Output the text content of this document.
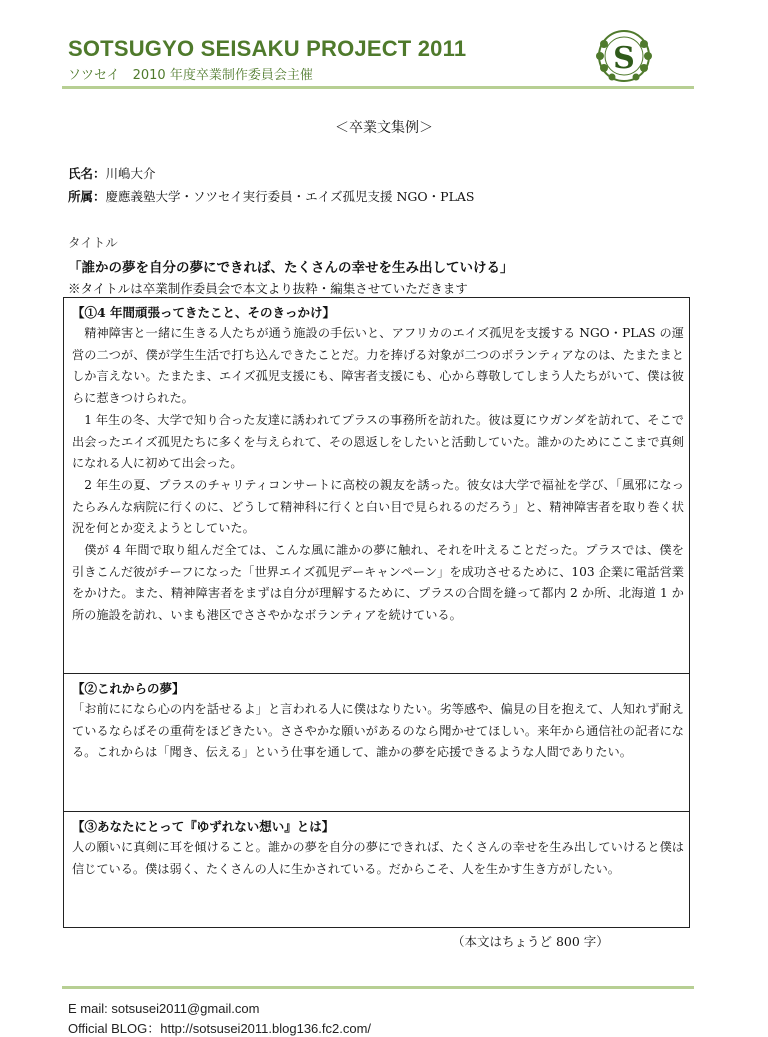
SOTSUGYO SEISAKU PROJECT 2011
ソツセイ　2010 年度卒業制作委員会主催	S
＜卒業文集例＞
氏名：川嶋大介
所属：慶應義塾大学・ソツセイ実行委員・エイズ孤児支援 NGO・PLAS
タイトル
「誰かの夢を自分の夢にできれば、たくさんの幸せを生み出していける」
※タイトルは卒業制作委員会で本文より抜粋・編集させていただきます
【①4 年間頑張ってきたこと、そのきっかけ】

精神障害と一緒に生きる人たちが通う施設の手伝いと、アフリカのエイズ孤児を支援する NGO・PLAS の運営の二つが、僕が学生生活で打ち込んできたことだ。力を捧げる対象が二つのボランティアなのは、たまたまとしか言えない。たまたま、エイズ孤児支援にも、障害者支援にも、心から尊敬してしまう人たちがいて、僕は彼らに惹きつけられた。

1 年生の冬、大学で知り合った友達に誘われてプラスの事務所を訪れた。彼は夏にウガンダを訪れて、そこで出会ったエイズ孤児たちに多くを与えられて、その恩返しをしたいと活動していた。誰かのためにここまで真剣になれる人に初めて出会った。

2 年生の夏、プラスのチャリティコンサートに高校の親友を誘った。彼女は大学で福祉を学び、「風邪になったらみんな病院に行くのに、どうして精神科に行くと白い目で見られるのだろう」と、精神障害者を取り巻く状況を何とか変えようとしていた。

僕が 4 年間で取り組んだ全ては、こんな風に誰かの夢に触れ、それを叶えることだった。プラスでは、僕を引きこんだ彼がチーフになった「世界エイズ孤児デーキャンペーン」を成功させるために、103 企業に電話営業をかけた。また、精神障害者をまずは自分が理解するために、プラスの合間を縫って都内 2 か所、北海道 1 か所の施設を訪れ、いまも港区でささやかなボランティアを続けている。

【②これからの夢】

「お前にになら心の内を話せるよ」と言われる人に僕はなりたい。劣等感や、偏見の目を抱えて、人知れず耐えているならばその重荷をほどきたい。ささやかな願いがあるのなら聞かせてほしい。来年から通信社の記者になる。これからは「聞き、伝える」という仕事を通して、誰かの夢を応援できるような人間でありたい。

【③あなたにとって『ゆずれない想い』とは】

人の願いに真剣に耳を傾けること。誰かの夢を自分の夢にできれば、たくさんの幸せを生み出していけると僕は信じている。僕は弱く、たくさんの人に生かされている。だからこそ、人を生かす生き方がしたい。

（本文はちょうど 800 字）
E mail: sotsusei2011@gmail.com
Official BLOG：http://sotsusei2011.blog136.fc2.com/
